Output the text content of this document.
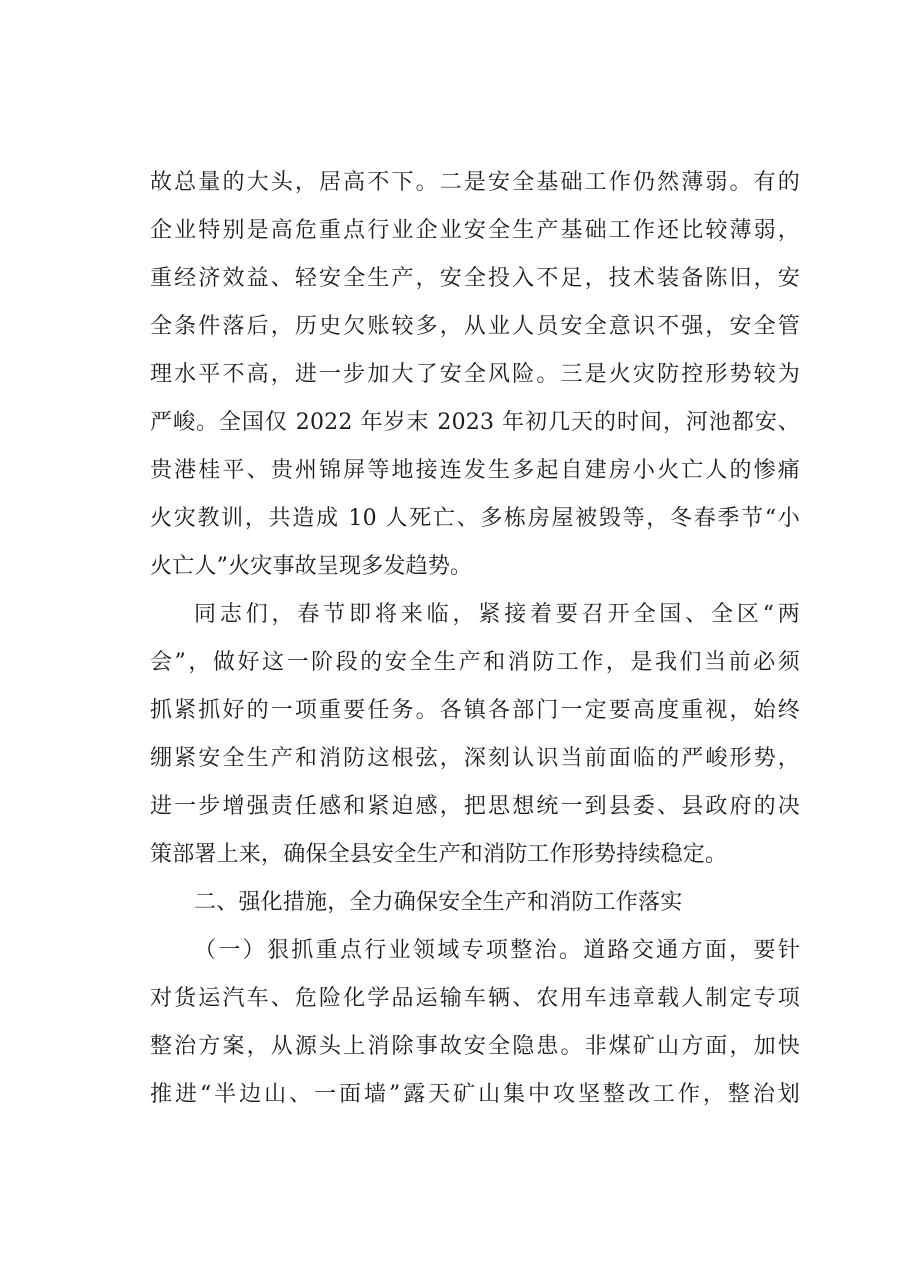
故总量的大头，居高不下。二是安全基础工作仍然薄弱。有的
企业特别是高危重点行业企业安全生产基础工作还比较薄弱，
重经济效益、轻安全生产，安全投入不足，技术装备陈旧，安
全条件落后，历史欠账较多，从业人员安全意识不强，安全管
理水平不高，进一步加大了安全风险。三是火灾防控形势较为
严峻。全国仅 2022 年岁末 2023 年初几天的时间，河池都安、
贵港桂平、贵州锦屏等地接连发生多起自建房小火亡人的惨痛
火灾教训，共造成 10 人死亡、多栋房屋被毁等，冬春季节“小
火亡人”火灾事故呈现多发趋势。
同志们，春节即将来临，紧接着要召开全国、全区“两
会”，做好这一阶段的安全生产和消防工作，是我们当前必须
抓紧抓好的一项重要任务。各镇各部门一定要高度重视，始终
绷紧安全生产和消防这根弦，深刻认识当前面临的严峻形势，
进一步增强责任感和紧迫感，把思想统一到县委、县政府的决
策部署上来，确保全县安全生产和消防工作形势持续稳定。
二、强化措施，全力确保安全生产和消防工作落实
（一）狠抓重点行业领域专项整治。道路交通方面，要针
对货运汽车、危险化学品运输车辆、农用车违章载人制定专项
整治方案，从源头上消除事故安全隐患。非煤矿山方面，加快
推进“半边山、一面墙”露天矿山集中攻坚整改工作，整治划
